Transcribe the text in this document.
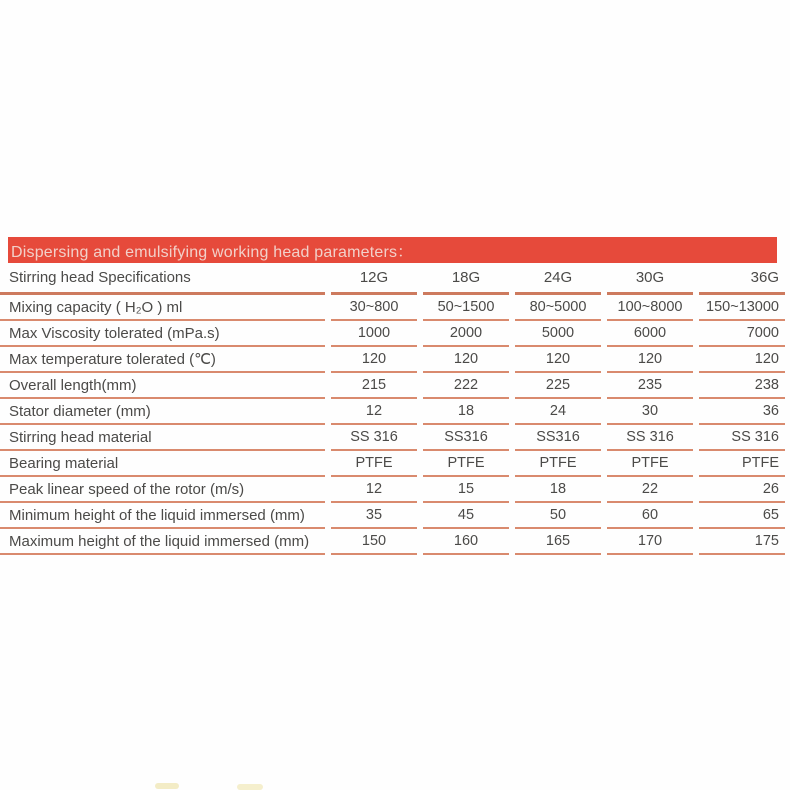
Dispersing and emulsifying working head parameters：
Stirring head Specifications	12G	18G	24G	30G	36G
Mixing capacity ( H₂O ) ml	30~800	50~1500	80~5000	100~8000	150~13000
Max Viscosity tolerated (mPa.s)	1000	2000	5000	6000	7000
Max temperature tolerated (℃)	120	120	120	120	120
Overall length(mm)	215	222	225	235	238
Stator diameter (mm)	12	18	24	30	36
Stirring head material	SS 316	SS316	SS316	SS 316	SS 316
Bearing material	PTFE	PTFE	PTFE	PTFE	PTFE
Peak linear speed of the rotor (m/s)	12	15	18	22	26
Minimum height of the liquid immersed (mm)	35	45	50	60	65
Maximum height of the liquid immersed (mm)	150	160	165	170	175
